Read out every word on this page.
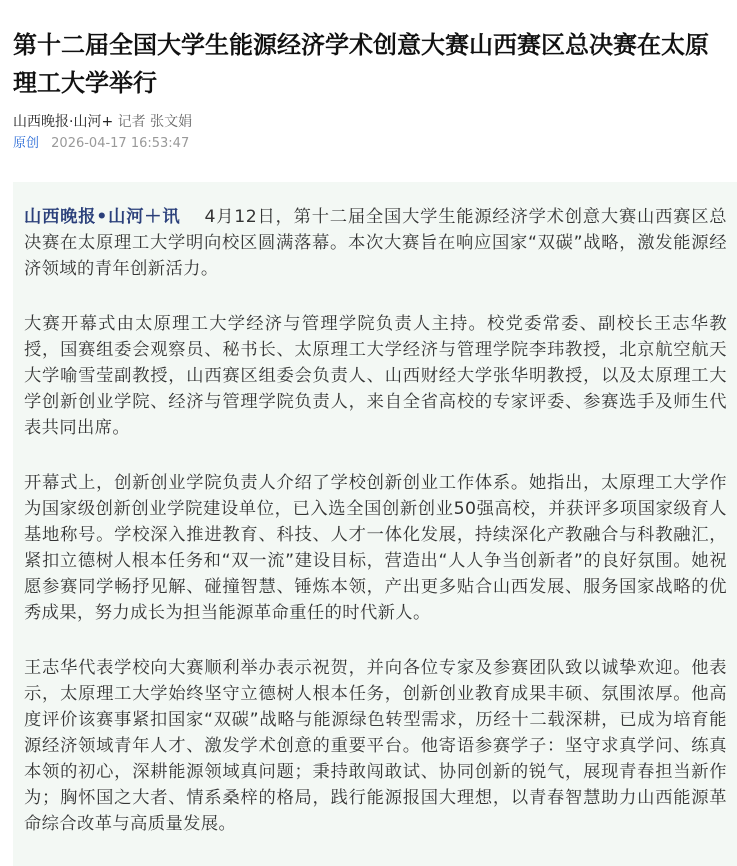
第十二届全国大学生能源经济学术创意大赛山西赛区总决赛在太原理工大学举行
山西晚报·山河+ 记者 张文娟
原创 2026-04-17 16:53:47

山西晚报•山河＋讯 4月12日，第十二届全国大学生能源经济学术创意大赛山西赛区总决赛在太原理工大学明向校区圆满落幕。本次大赛旨在响应国家“双碳”战略，激发能源经济领域的青年创新活力。

大赛开幕式由太原理工大学经济与管理学院负责人主持。校党委常委、副校长王志华教授，国赛组委会观察员、秘书长、太原理工大学经济与管理学院李玮教授，北京航空航天大学喻雪莹副教授，山西赛区组委会负责人、山西财经大学张华明教授，以及太原理工大学创新创业学院、经济与管理学院负责人，来自全省高校的专家评委、参赛选手及师生代表共同出席。

开幕式上，创新创业学院负责人介绍了学校创新创业工作体系。她指出，太原理工大学作为国家级创新创业学院建设单位，已入选全国创新创业50强高校，并获评多项国家级育人基地称号。学校深入推进教育、科技、人才一体化发展，持续深化产教融合与科教融汇，紧扣立德树人根本任务和“双一流”建设目标，营造出“人人争当创新者”的良好氛围。她祝愿参赛同学畅抒见解、碰撞智慧、锤炼本领，产出更多贴合山西发展、服务国家战略的优秀成果，努力成长为担当能源革命重任的时代新人。

王志华代表学校向大赛顺利举办表示祝贺，并向各位专家及参赛团队致以诚挚欢迎。他表示，太原理工大学始终坚守立德树人根本任务，创新创业教育成果丰硕、氛围浓厚。他高度评价该赛事紧扣国家“双碳”战略与能源绿色转型需求，历经十二载深耕，已成为培育能源经济领域青年人才、激发学术创意的重要平台。他寄语参赛学子：坚守求真学问、练真本领的初心，深耕能源领域真问题；秉持敢闯敢试、协同创新的锐气，展现青春担当新作为；胸怀国之大者、情系桑梓的格局，践行能源报国大理想，以青春智慧助力山西能源革命综合改革与高质量发展。
